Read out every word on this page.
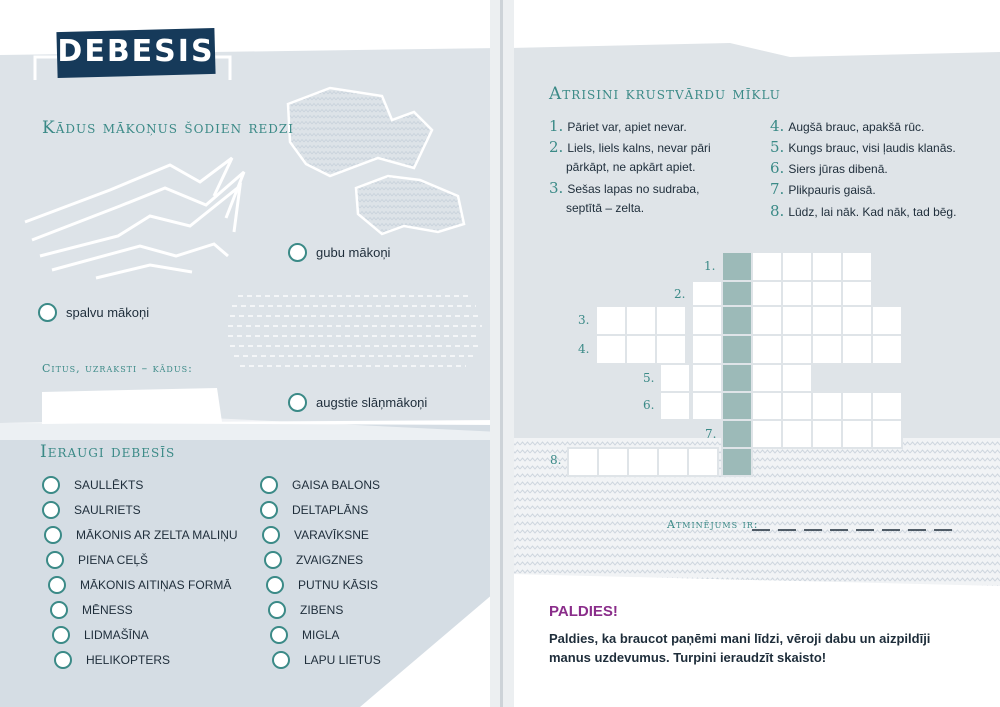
DEBESIS
Kādus mākoņus šodien redzi
gubu mākoņi
spalvu mākoņi
augstie slāņmākoņi
Citus, uzraksti – kādus:
Ieraugi debesīs
SAULLĒKTS
SAULRIETS
MĀKONIS AR ZELTA MALIŅU
PIENA CEĻŠ
MĀKONIS AITIŅAS FORMĀ
MĒNESS
LIDMAŠĪNA
HELIKOPTERS
GAISA BALONS
DELTAPLĀNS
VARAVĪKSNE
ZVAIGZNES
PUTNU KĀSIS
ZIBENS
MIGLA
LAPU LIETUS
Atrisini krustvārdu mīklu
1. Pāriet var, apiet nevar.
2. Liels, liels kalns, nevar pāri
pārkāpt, ne apkārt apiet.
3. Sešas lapas no sudraba,
septītā – zelta.
4. Augšā brauc, apakšā rūc.
5. Kungs brauc, visi ļaudis klanās.
6. Siers jūras dibenā.
7. Plikpauris gaisā.
8. Lūdz, lai nāk. Kad nāk, tad bēg.
1.
2.
3.
4.
5.
6.
7.
8.
Atminējums ir:
PALDIES!
Paldies, ka braucot paņēmi mani līdzi, vēroji dabu un aizpildīji manus uzdevumus. Turpini ieraudzīt skaisto!
